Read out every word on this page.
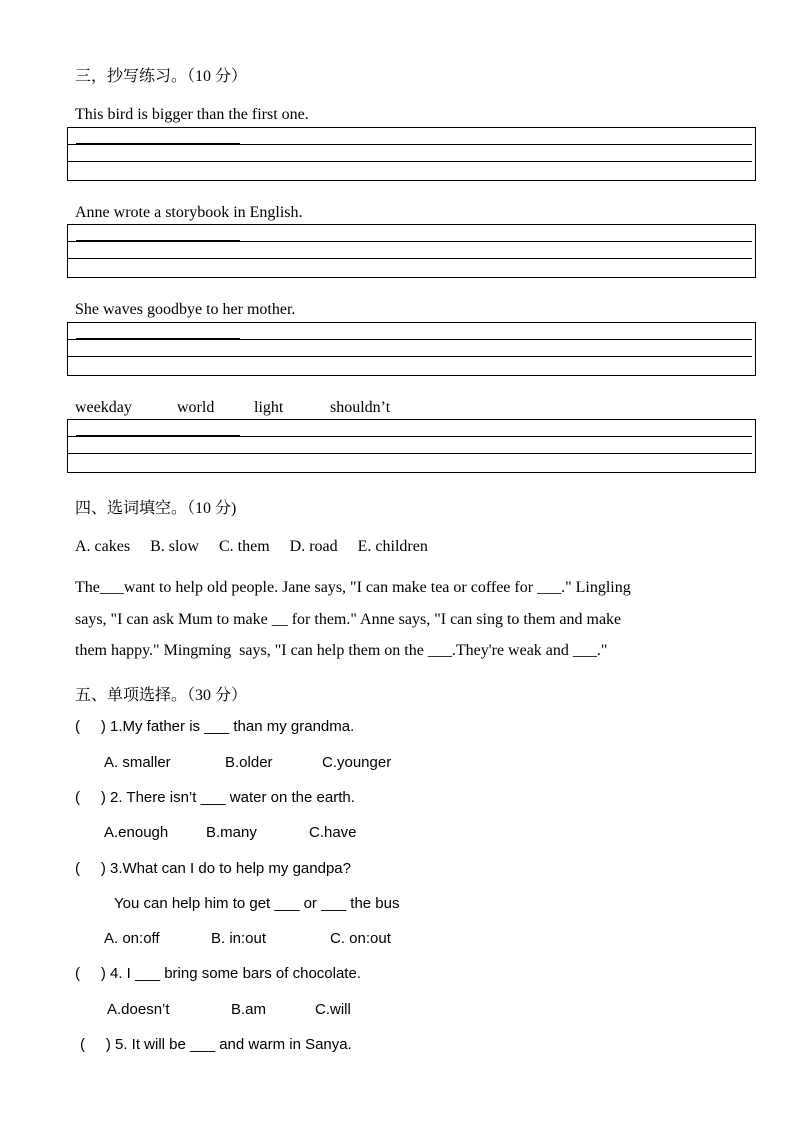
三，抄写练习。（10 分）
This bird is bigger than the first one.
Anne wrote a storybook in English.
She waves goodbye to her mother.
weekday	world light	shouldn’t
四、选词填空。（10 分)
A. cakes     B. slow     C. them     D. road     E. children
The___want to help old people. Jane says, "I can make tea or coffee for ___." Lingling
says, "I can ask Mum to make __ for them." Anne says, "I can sing to them and make
them happy." Mingming  says, "I can help them on the ___.They're weak and ___."
五、单项选择。（30 分）
(     ) 1.My father is ___ than my grandma.
A. smaller	B.older	C.younger
(     ) 2. There isn’t ___ water on the earth.
A.enough	B.many	C.have
(     ) 3.What can I do to help my gandpa?
You can help him to get ___ or ___ the bus
A. on:off	B. in:out	C. on:out
(     ) 4. I ___ bring some bars of chocolate.
A.doesn’t	B.am	C.will
(     ) 5. It will be ___ and warm in Sanya.
